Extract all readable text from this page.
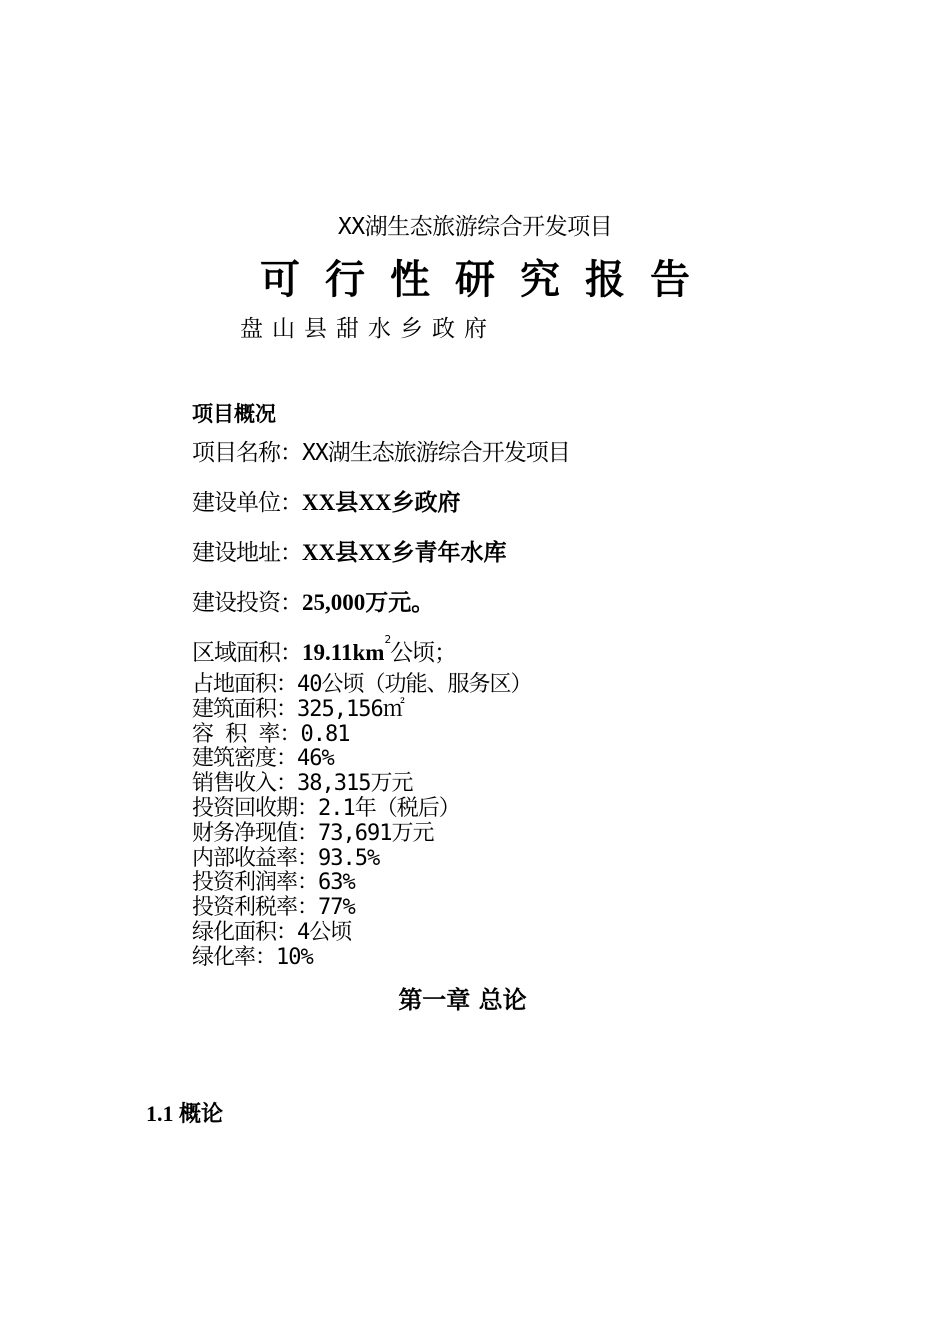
XX湖生态旅游综合开发项目
可行性研究报告
盘山县甜水乡政府
项目概况
项目名称：XX湖生态旅游综合开发项目
建设单位：XX县XX乡政府
建设地址：XX县XX乡青年水库
建设投资：25,000万元。
区域面积：$19.11km^2$公顷；
占地面积：40公顷（功能、服务区）
建筑面积：325,156㎡
容 积 率：0.81
建筑密度：46%
销售收入：38,315万元
投资回收期：2.1年（税后）
财务净现值：73,691万元
内部收益率：93.5%
投资利润率：63%
投资利税率：77%
绿化面积：4公顷
绿化率：10%
第一章 总论
1.1 概论
